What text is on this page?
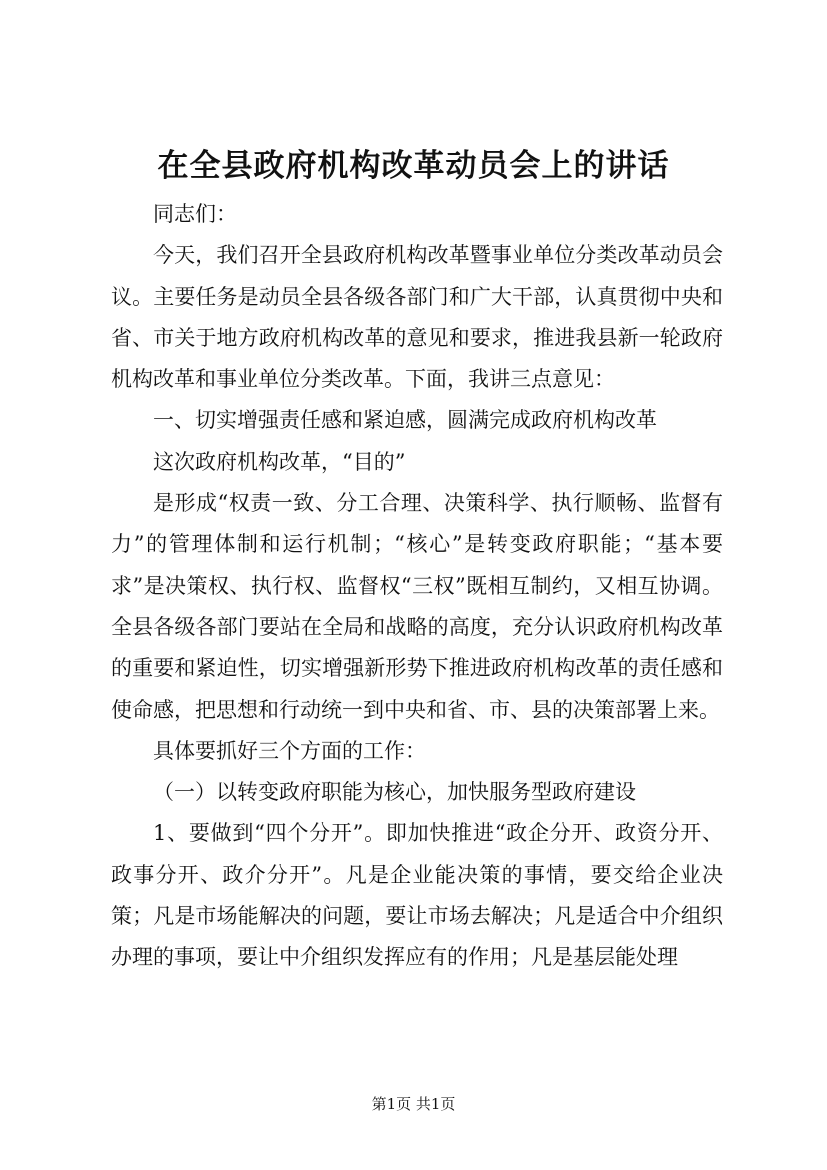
在全县政府机构改革动员会上的讲话

同志们：

今天，我们召开全县政府机构改革暨事业单位分类改革动员会议。主要任务是动员全县各级各部门和广大干部，认真贯彻中央和省、市关于地方政府机构改革的意见和要求，推进我县新一轮政府机构改革和事业单位分类改革。下面，我讲三点意见：

一、切实增强责任感和紧迫感，圆满完成政府机构改革

这次政府机构改革，“目的”

是形成“权责一致、分工合理、决策科学、执行顺畅、监督有力”的管理体制和运行机制；“核心”是转变政府职能；“基本要求”是决策权、执行权、监督权“三权”既相互制约，又相互协调。全县各级各部门要站在全局和战略的高度，充分认识政府机构改革的重要和紧迫性，切实增强新形势下推进政府机构改革的责任感和使命感，把思想和行动统一到中央和省、市、县的决策部署上来。

具体要抓好三个方面的工作：

（一）以转变政府职能为核心，加快服务型政府建设

1、要做到“四个分开”。即加快推进“政企分开、政资分开、政事分开、政介分开”。凡是企业能决策的事情，要交给企业决策；凡是市场能解决的问题，要让市场去解决；凡是适合中介组织办理的事项，要让中介组织发挥应有的作用；凡是基层能处理

第1页 共1页
